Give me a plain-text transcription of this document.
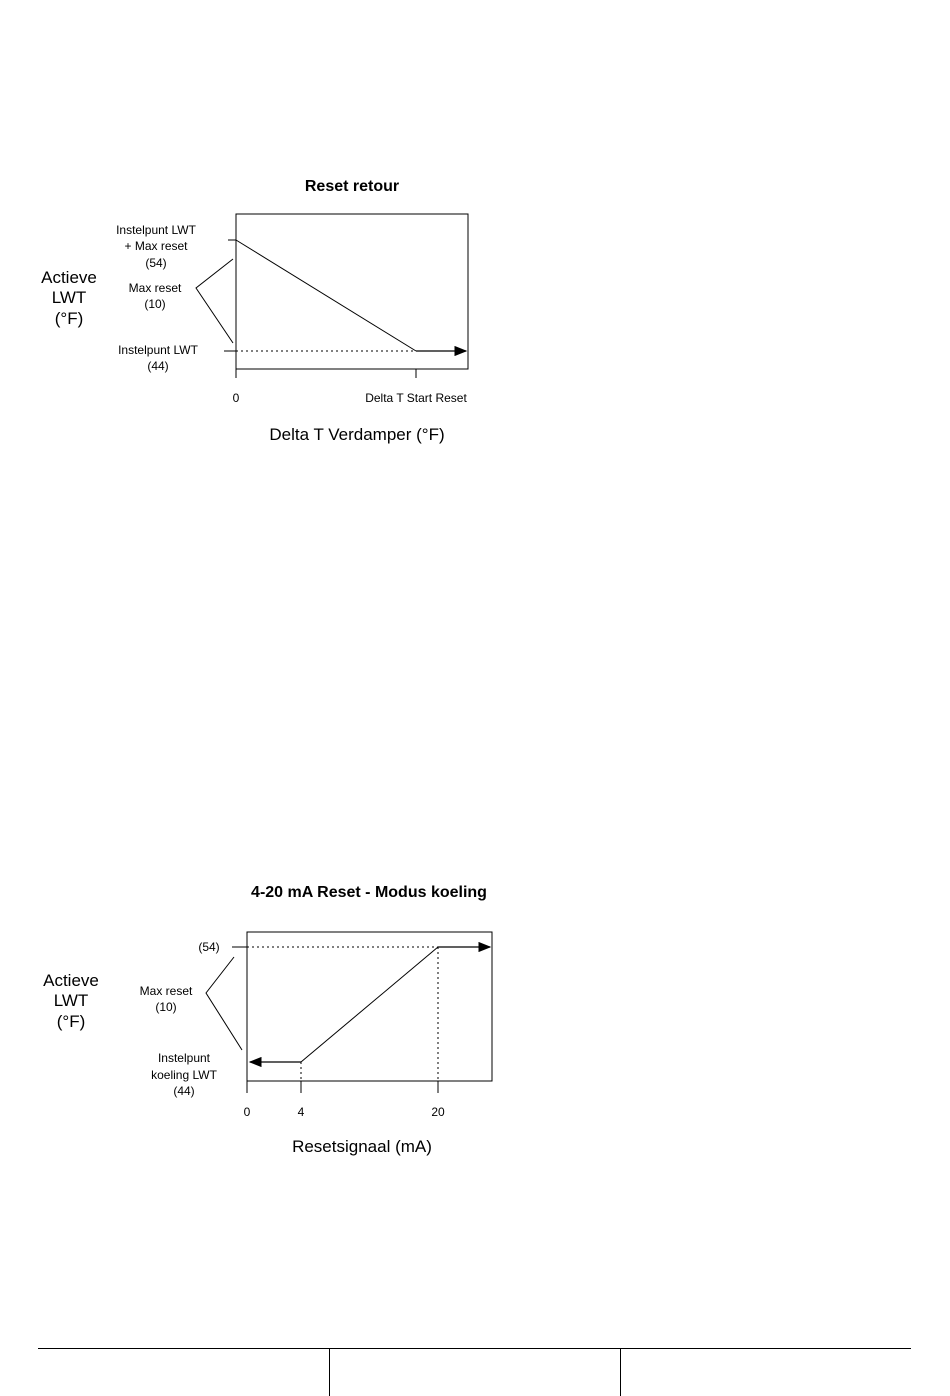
Reset retour
Actieve
LWT
(°F)
Instelpunt LWT
+ Max reset
(54)
Max reset
(10)
Instelpunt LWT
(44)
0	Delta T Start Reset
Delta T Verdamper (°F)
4-20 mA Reset - Modus koeling
Actieve
LWT
(°F)
(54)
Max reset
(10)
Instelpunt
koeling LWT
(44)
0	4	20
Resetsignaal (mA)
